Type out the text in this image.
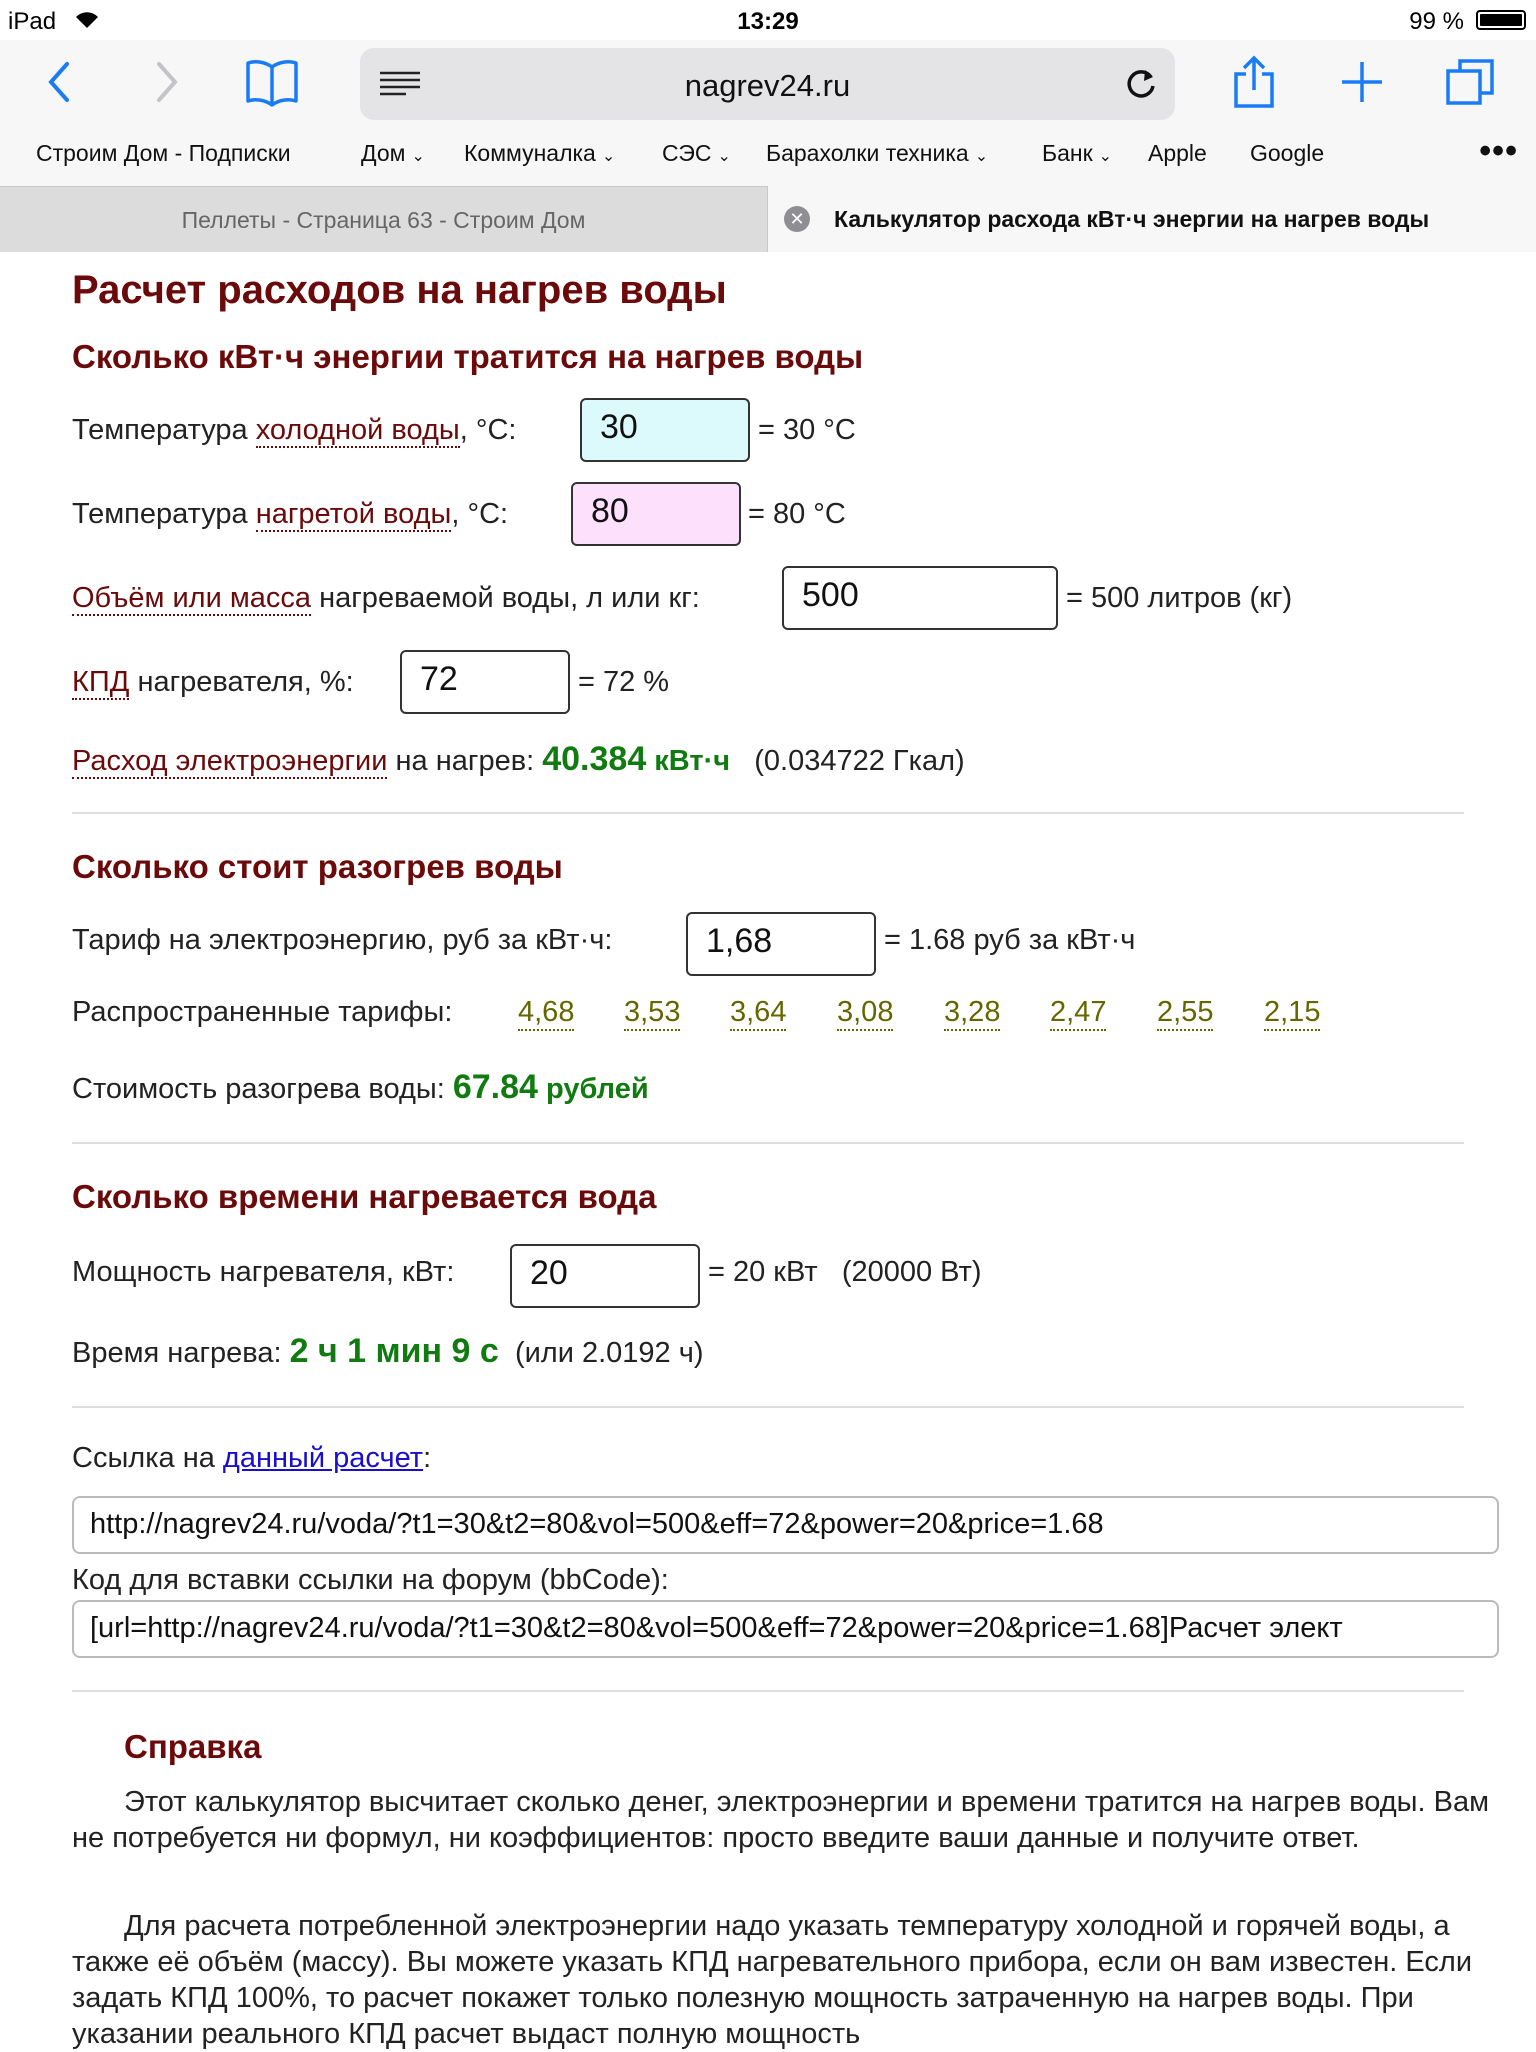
iPad	13:29	99 %
nagrev24.ru
Строим Дом - Подписки	Дом ⌄ Коммуналка ⌄ СЭС ⌄ Барахолки техника ⌄ Банк ⌄ Apple Google	•••
Пеллеты - Страница 63 - Строим Дом	✕ Калькулятор расхода кВт·ч энергии на нагрев воды
Расчет расходов на нагрев воды
Сколько кВт·ч энергии тратится на нагрев воды
Температура холодной воды, °C:	30	= 30 °C
Температура нагретой воды, °C:	80	= 80 °C
Объём или масса нагреваемой воды, л или кг:	500	= 500 литров (кг)
КПД нагревателя, %:	72	= 72 %
Расход электроэнергии на нагрев: 40.384 кВт·ч (0.034722 Гкал)
Сколько стоит разогрев воды
Тариф на электроэнергию, руб за кВт·ч:	1,68	= 1.68 руб за кВт·ч
Распространенные тарифы: 4,68 3,53 3,64 3,08 3,28 2,47 2,55 2,15
Стоимость разогрева воды: 67.84 рублей
Сколько времени нагревается вода
Мощность нагревателя, кВт:	20	= 20 кВт (20000 Вт)
Время нагрева: 2 ч 1 мин 9 с (или 2.0192 ч)
Ссылка на данный расчет:
http://nagrev24.ru/voda/?t1=30&t2=80&vol=500&eff=72&power=20&price=1.68
Код для вставки ссылки на форум (bbCode):
[url=http://nagrev24.ru/voda/?t1=30&t2=80&vol=500&eff=72&power=20&price=1.68]Расчет элект
Справка
Этот калькулятор высчитает сколько денег, электроэнергии и времени тратится на нагрев воды. Вам не потребуется ни формул, ни коэффициентов: просто введите ваши данные и получите ответ.
Для расчета потребленной электроэнергии надо указать температуру холодной и горячей воды, а также её объём (массу). Вы можете указать КПД нагревательного прибора, если он вам известен. Если задать КПД 100%, то расчет покажет только полезную мощность затраченную на нагрев воды. При указании реального КПД расчет выдаст полную мощность
